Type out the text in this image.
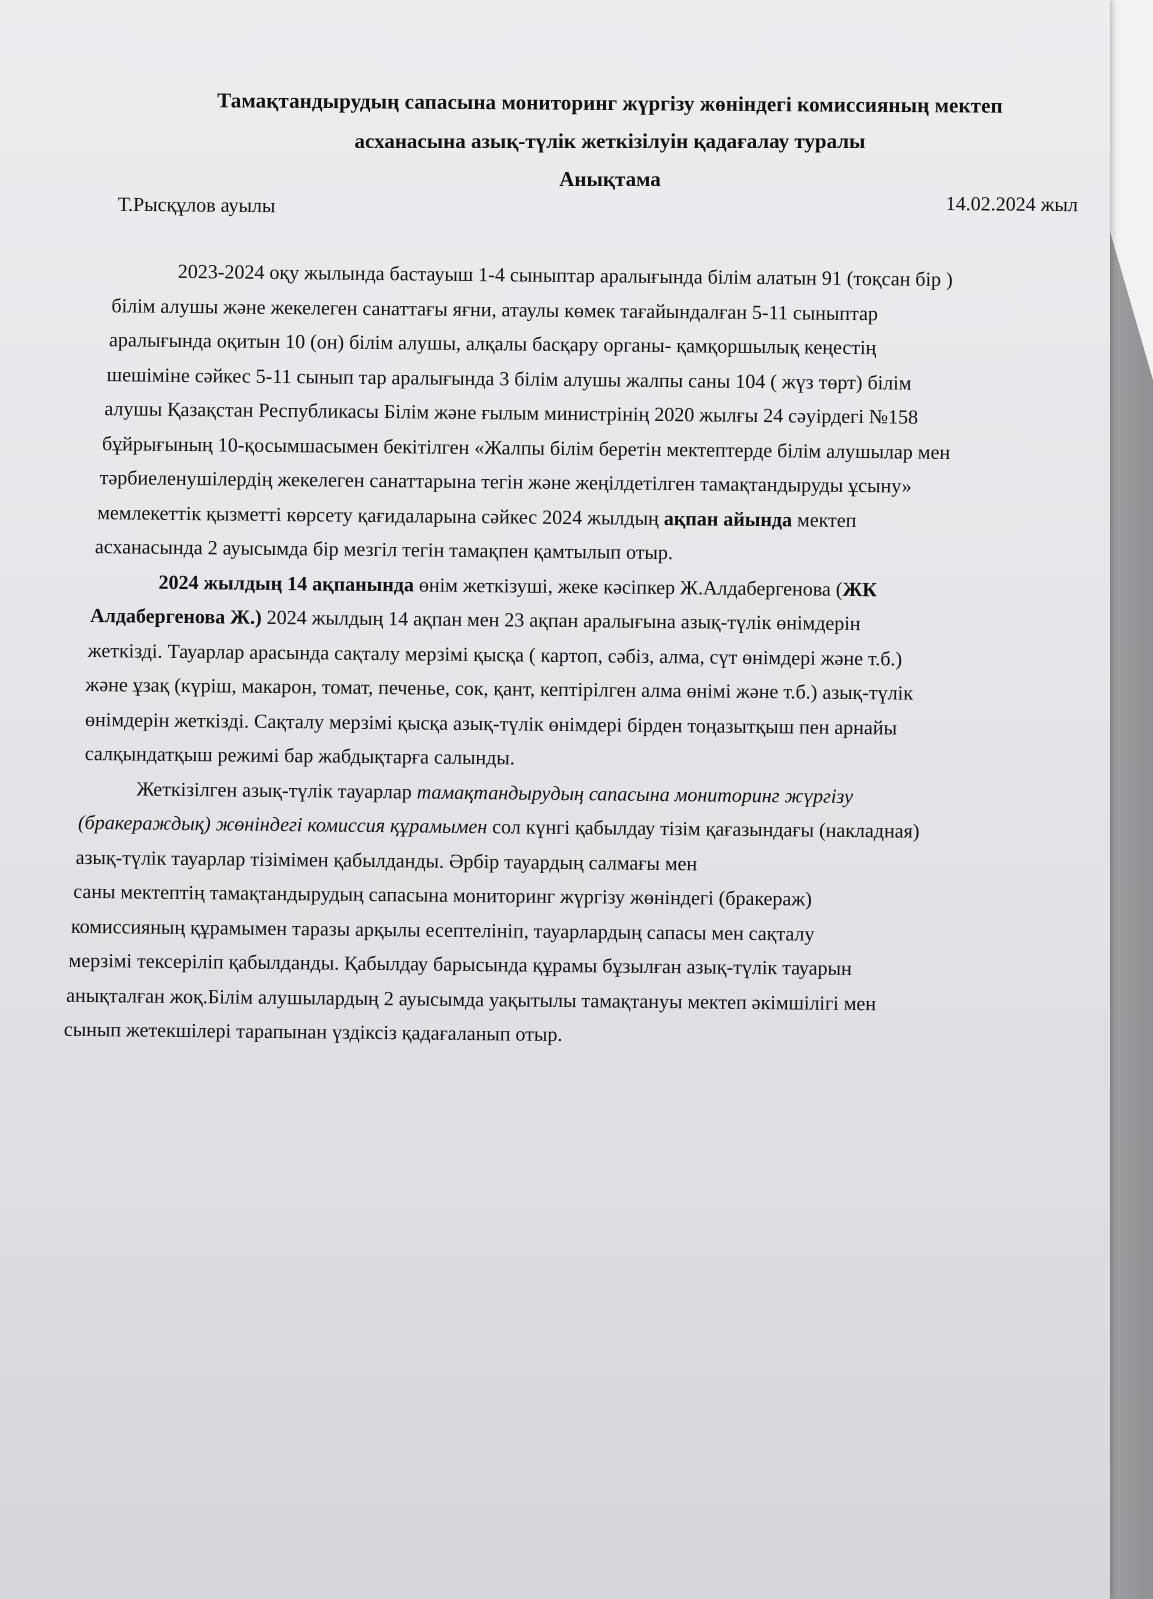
Тамақтандырудың сапасына мониторинг жүргізу жөніндегі комиссияның мектеп
асханасына азық-түлік жеткізілуін қадағалау туралы
Анықтама
Т.Рысқұлов ауылы	14.02.2024 жыл
2023-2024 оқу жылында бастауыш 1-4 сыныптар аралығында білім алатын 91 (тоқсан бір )
білім алушы және жекелеген санаттағы яғни, атаулы көмек тағайындалған 5-11 сыныптар
аралығында оқитын 10 (он) білім алушы, алқалы басқару органы- қамқоршылық кеңестің
шешіміне сәйкес 5-11 сынып тар аралығында 3 білім алушы жалпы саны 104 ( жүз төрт) білім
алушы Қазақстан Республикасы Білім және ғылым министрінің 2020 жылғы 24 сәуірдегі №158
бұйрығының 10-қосымшасымен бекітілген «Жалпы білім беретін мектептерде білім алушылар мен
тәрбиеленушілердің жекелеген санаттарына тегін және жеңілдетілген тамақтандыруды ұсыну»
мемлекеттік қызметті көрсету қағидаларына сәйкес 2024 жылдың ақпан айында мектеп
асханасында 2 ауысымда бір мезгіл тегін тамақпен қамтылып отыр.
2024 жылдың 14 ақпанында өнім жеткізуші, жеке кәсіпкер Ж.Алдабергенова (ЖК
Алдабергенова Ж.) 2024 жылдың 14 ақпан мен 23 ақпан аралығына азық-түлік өнімдерін
жеткізді. Тауарлар арасында сақталу мерзімі қысқа ( картоп, сәбіз, алма, сүт өнімдері және т.б.)
және ұзақ (күріш, макарон, томат, печенье, сок, қант, кептірілген алма өнімі және т.б.) азық-түлік
өнімдерін жеткізді. Сақталу мерзімі қысқа азық-түлік өнімдері бірден тоңазытқыш пен арнайы
салқындатқыш режимі бар жабдықтарға салынды.
Жеткізілген азық-түлік тауарлар тамақтандырудың сапасына мониторинг жүргізу
(бракераждық) жөніндегі комиссия құрамымен сол күнгі қабылдау тізім қағазындағы (накладная)
азық-түлік тауарлар тізімімен қабылданды. Әрбір тауардың салмағы мен
саны мектептің тамақтандырудың сапасына мониторинг жүргізу жөніндегі (бракераж)
комиссияның құрамымен таразы арқылы есептелініп, тауарлардың сапасы мен сақталу
мерзімі тексеріліп қабылданды. Қабылдау барысында құрамы бұзылған азық-түлік тауарын
анықталған жоқ.Білім алушылардың 2 ауысымда уақытылы тамақтануы мектеп әкімшілігі мен
сынып жетекшілері тарапынан үздіксіз қадағаланып отыр.
